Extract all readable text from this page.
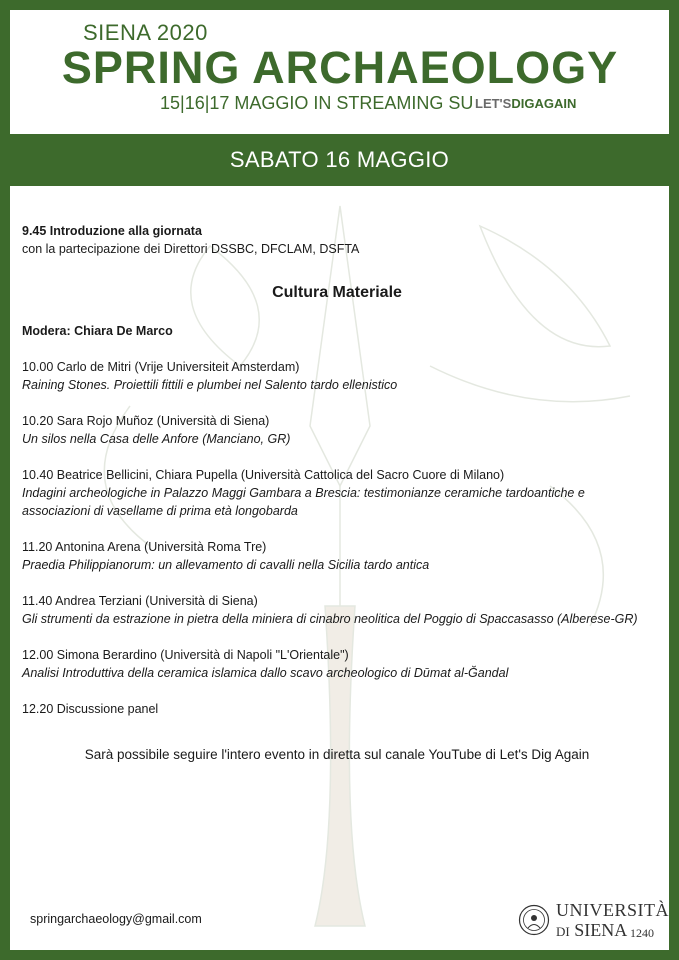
SIENA 2020
SPRING ARCHAEOLOGY
15|16|17 MAGGIO IN STREAMING SU LET'SDIGAGAIN
SABATO 16 MAGGIO
9.45 Introduzione alla giornata
con la partecipazione dei Direttori DSSBC, DFCLAM, DSFTA
Cultura Materiale
Modera: Chiara De Marco
10.00 Carlo de Mitri (Vrije Universiteit Amsterdam)
Raining Stones. Proiettili fittili e plumbei nel Salento tardo ellenistico
10.20 Sara Rojo Muñoz (Università di Siena)
Un silos nella Casa delle Anfore (Manciano, GR)
10.40 Beatrice Bellicini, Chiara Pupella (Università Cattolica del Sacro Cuore di Milano)
Indagini archeologiche in Palazzo Maggi Gambara a Brescia: testimonianze ceramiche tardoantiche e associazioni di vasellame di prima età longobarda
11.20 Antonina Arena (Università Roma Tre)
Praedia Philippianorum: un allevamento di cavalli nella Sicilia tardo antica
11.40 Andrea Terziani (Università di Siena)
Gli strumenti da estrazione in pietra della miniera di cinabro neolitica del Poggio di Spaccasasso (Alberese-GR)
12.00 Simona Berardino (Università di Napoli "L'Orientale")
Analisi Introduttiva della ceramica islamica dallo scavo archeologico di Dūmat al-Ğandal
12.20 Discussione panel
Sarà possibile seguire l'intero evento in diretta sul canale YouTube di Let's Dig Again
springarchaeology@gmail.com	UNIVERSITÀ
DI SIENA 1240
